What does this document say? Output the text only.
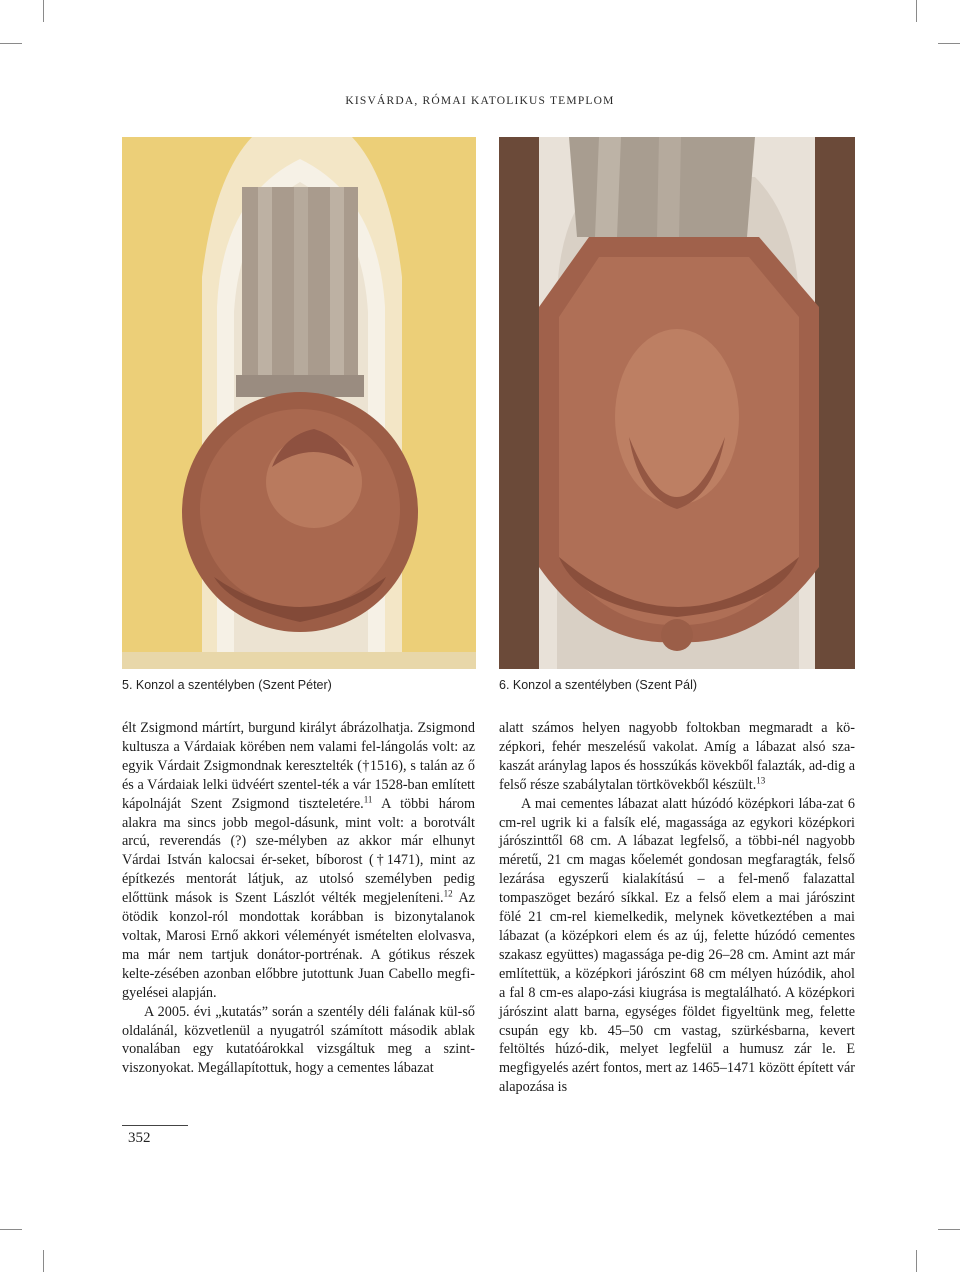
KISVÁRDA, RÓMAI KATOLIKUS TEMPLOM
5. Konzol a szentélyben (Szent Péter)	6. Konzol a szentélyben (Szent Pál)

élt Zsigmond mártírt, burgund királyt ábrázolhatja. Zsigmond kultusza a Várdaiak körében nem valami fel-lángolás volt: az egyik Várdait Zsigmondnak keresztelték (†1516), s talán az ő és a Várdaiak lelki üdvéért szentel-ték a vár 1528-ban említett kápolnáját Szent Zsigmond tiszteletére.$^{11}$ A többi három alakra ma sincs jobb megol-dásunk, mint volt: a borotvált arcú, reverendás (?) sze-mélyben az akkor már elhunyt Várdai István kalocsai ér-seket, bíborost (†1471), mint az építkezés mentorát látjuk, az utolsó személyben pedig előttünk mások is Szent Lászlót vélték megjeleníteni.$^{12}$ Az ötödik konzol-ról mondottak korábban is bizonytalanok voltak, Marosi Ernő akkori véleményét ismételten elolvasva, ma már nem tartjuk donátor-portrénak. A gótikus részek kelte-zésében azonban előbbre jutottunk Juan Cabello megfi-gyelései alapján.

A 2005. évi „kutatás” során a szentély déli falának kül-ső oldalánál, közvetlenül a nyugatról számított második ablak vonalában egy kutatóárokkal vizsgáltuk meg a szint-viszonyokat. Megállapítottuk, hogy a cementes lábazat

alatt számos helyen nagyobb foltokban megmaradt a kö-zépkori, fehér meszelésű vakolat. Amíg a lábazat alsó sza-kaszát aránylag lapos és hosszúkás kövekből falazták, ad-dig a felső része szabálytalan törtkövekből készült.$^{13}$

A mai cementes lábazat alatt húzódó középkori lába-zat 6 cm-rel ugrik ki a falsík elé, magassága az egykori középkori járószinttől 68 cm. A lábazat legfelső, a többi-nél nagyobb méretű, 21 cm magas kőelemét gondosan megfaragták, felső lezárása egyszerű kialakítású – a fel-menő falazattal tompaszöget bezáró síkkal. Ez a felső elem a mai járószint fölé 21 cm-rel kiemelkedik, melynek következtében a mai lábazat (a középkori elem és az új, felette húzódó cementes szakasz együttes) magassága pe-dig 26–28 cm. Amint azt már említettük, a középkori járószint 68 cm mélyen húzódik, ahol a fal 8 cm-es alapo-zási kiugrása is megtalálható. A középkori járószint alatt barna, egységes földet figyeltünk meg, felette csupán egy kb. 45–50 cm vastag, szürkésbarna, kevert feltöltés húzó-dik, melyet legfelül a humusz zár le. E megfigyelés azért fontos, mert az 1465–1471 között épített vár alapozása is

352
